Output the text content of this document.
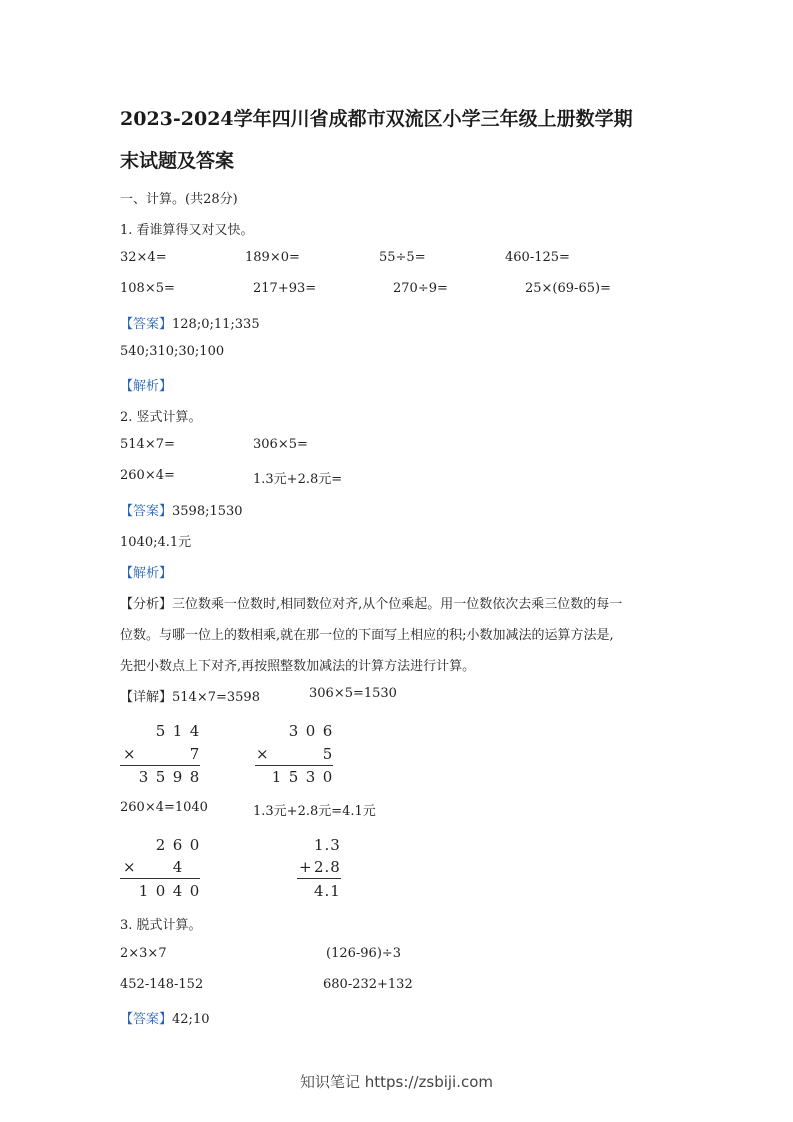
2023-2024学年四川省成都市双流区小学三年级上册数学期
末试题及答案
一、计算。(共28分)
1. 看谁算得又对又快。
32×4=	189×0=	55÷5=	460-125=
108×5=	217+93=	270÷9=	25×(69-65)=
【答案】128;0;11;335
540;310;30;100
【解析】
2. 竖式计算。
514×7=	306×5=
260×4=	1.3元+2.8元=
【答案】3598;1530
1040;4.1元
【解析】
【分析】三位数乘一位数时,相同数位对齐,从个位乘起。用一位数依次去乘三位数的每一
位数。与哪一位上的数相乘,就在那一位的下面写上相应的积;小数加减法的运算方法是,
先把小数点上下对齐,再按照整数加减法的计算方法进行计算。
【详解】514×7=3598	306×5=1530
5 1 4
×	7
3 5 9 8
3 0 6
×	5
1 5 3 0
260×4=1040	1.3元+2.8元=4.1元
2 6 0
× 4
1 0 4 0
1.3
+ 2.8
4.1
3. 脱式计算。
2×3×7	(126-96)÷3
452-148-152	680-232+132
【答案】42;10
知识笔记 https://zsbiji.com
